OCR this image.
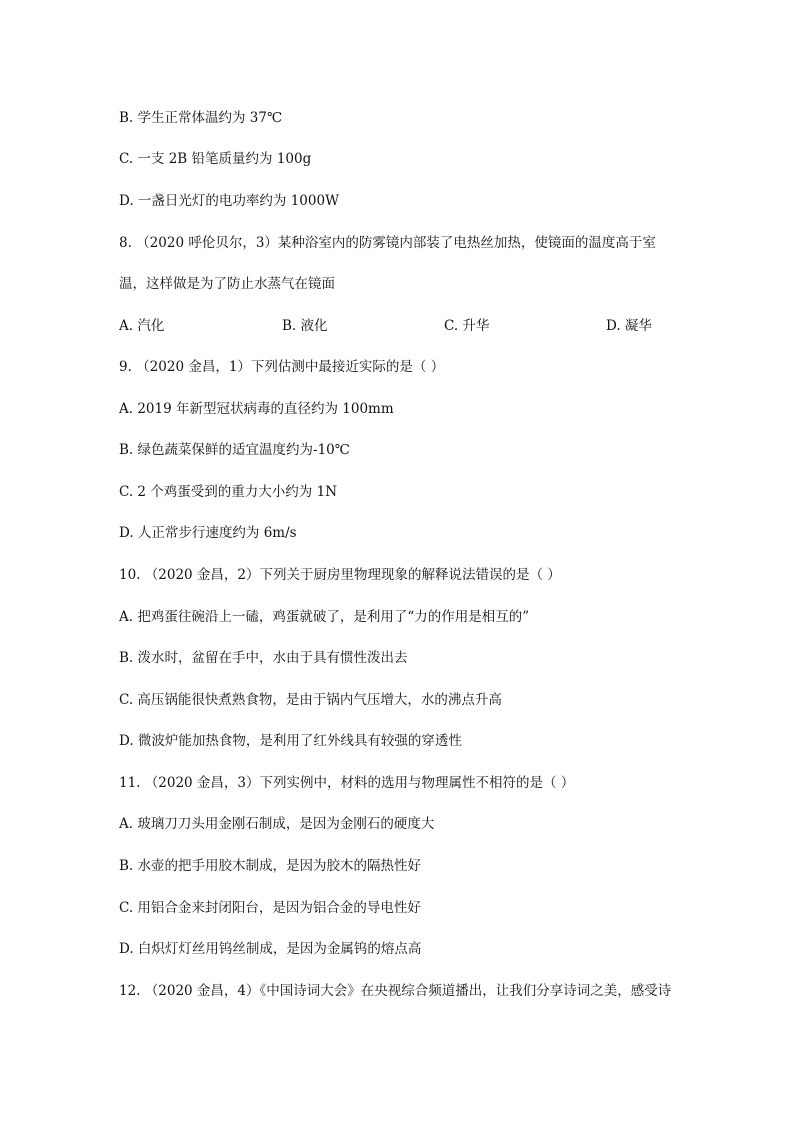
B. 学生正常体温约为 37℃
C. 一支 2B 铅笔质量约为 100g
D. 一盏日光灯的电功率约为 1000W
8. （2020 呼伦贝尔，3）某种浴室内的防雾镜内部装了电热丝加热，使镜面的温度高于室
温，这样做是为了防止水蒸气在镜面
A. 汽化	B. 液化	C. 升华	D. 凝华
9. （2020 金昌，1）下列估测中最接近实际的是（ ）
A. 2019 年新型冠状病毒的直径约为 100mm
B. 绿色蔬菜保鲜的适宜温度约为-10℃
C. 2 个鸡蛋受到的重力大小约为 1N
D. 人正常步行速度约为 6m/s
10. （2020 金昌，2）下列关于厨房里物理现象的解释说法错误的是（ ）
A. 把鸡蛋往碗沿上一磕，鸡蛋就破了，是利用了“力的作用是相互的”
B. 泼水时，盆留在手中，水由于具有惯性泼出去
C. 高压锅能很快煮熟食物，是由于锅内气压增大，水的沸点升高
D. 微波炉能加热食物，是利用了红外线具有较强的穿透性
11. （2020 金昌，3）下列实例中，材料的选用与物理属性不相符的是（ ）
A. 玻璃刀刀头用金刚石制成，是因为金刚石的硬度大
B. 水壶的把手用胶木制成，是因为胶木的隔热性好
C. 用铝合金来封闭阳台，是因为铝合金的导电性好
D. 白炽灯灯丝用钨丝制成，是因为金属钨的熔点高
12. （2020 金昌，4）《中国诗词大会》在央视综合频道播出，让我们分享诗词之美，感受诗
